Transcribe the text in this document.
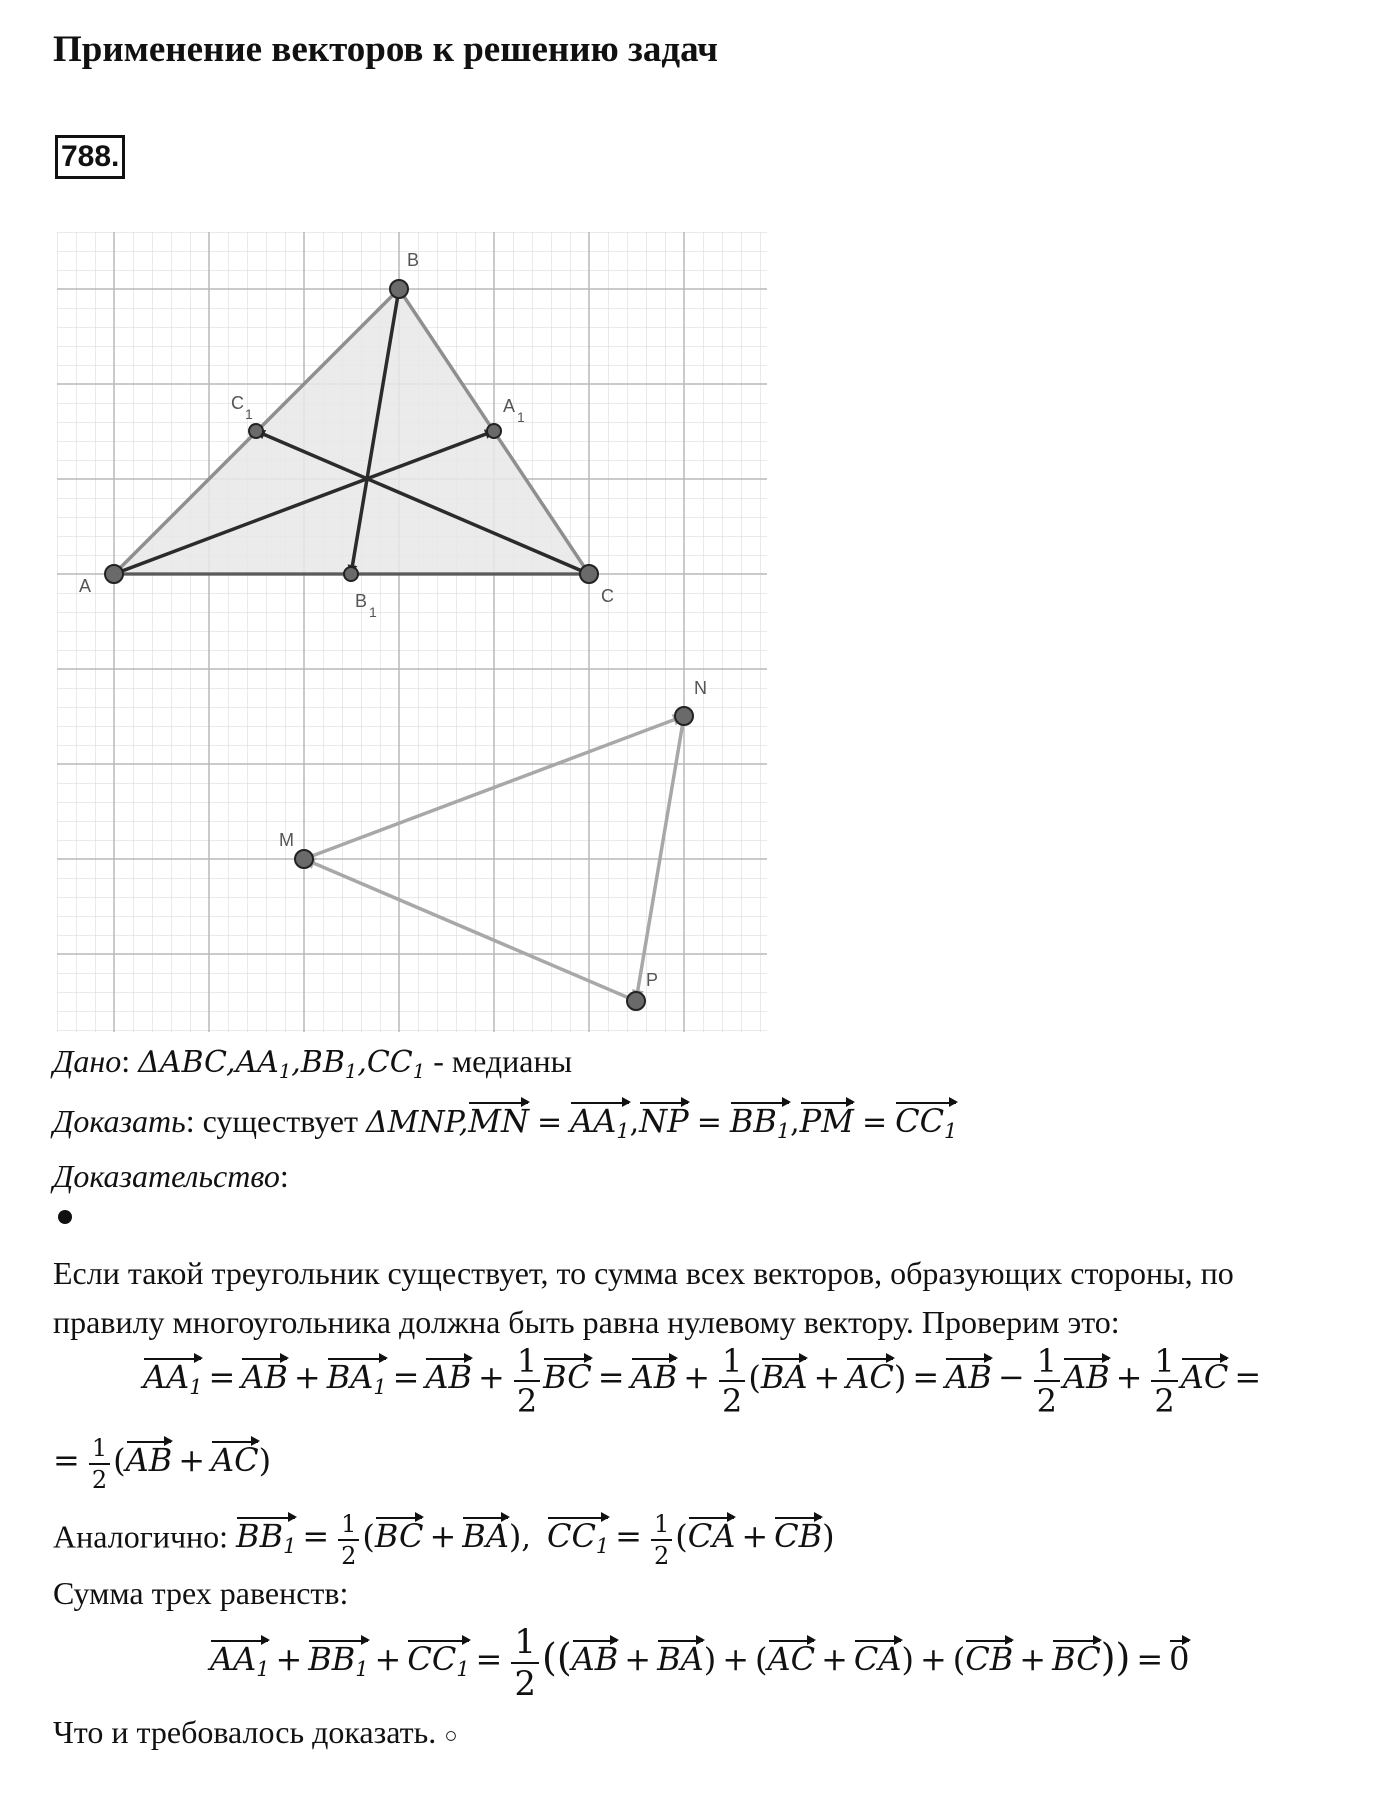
Применение векторов к решению задач
788.
A
B
C
A
1
B
1
C
1
M
N
P
Дано: $\Delta ABC,AA_1,BB_1,CC_1$ - медианы
Доказать: существует $\Delta MNP,MN = AA_1,NP = BB_1,PM = CC_1$
Доказательство:
Если такой треугольник существует, то сумма всех векторов, образующих стороны, по
правилу многоугольника должна быть равна нулевому вектору. Проверим это:
$AA_1$ = AB + $BA_1$ = AB + $\frac{1}{2}$ BC = AB + $\frac{1}{2} (BA + AC)$ = AB − $\frac{1}{2}$ AB + $\frac{1}{2}$ AC =
= $\frac{1}{2} (AB + AC)$
Аналогично: $BB_1 = \frac{1}{2} (BC + BA)$, $CC_1 = \frac{1}{2} (CA + CB)$
Сумма трех равенств:
$AA_1 + BB_1 + CC_1 = \frac{1}{2} ((AB + BA) + (AC + CA) + (CB + BC)) = 0$
Что и требовалось доказать. ○
